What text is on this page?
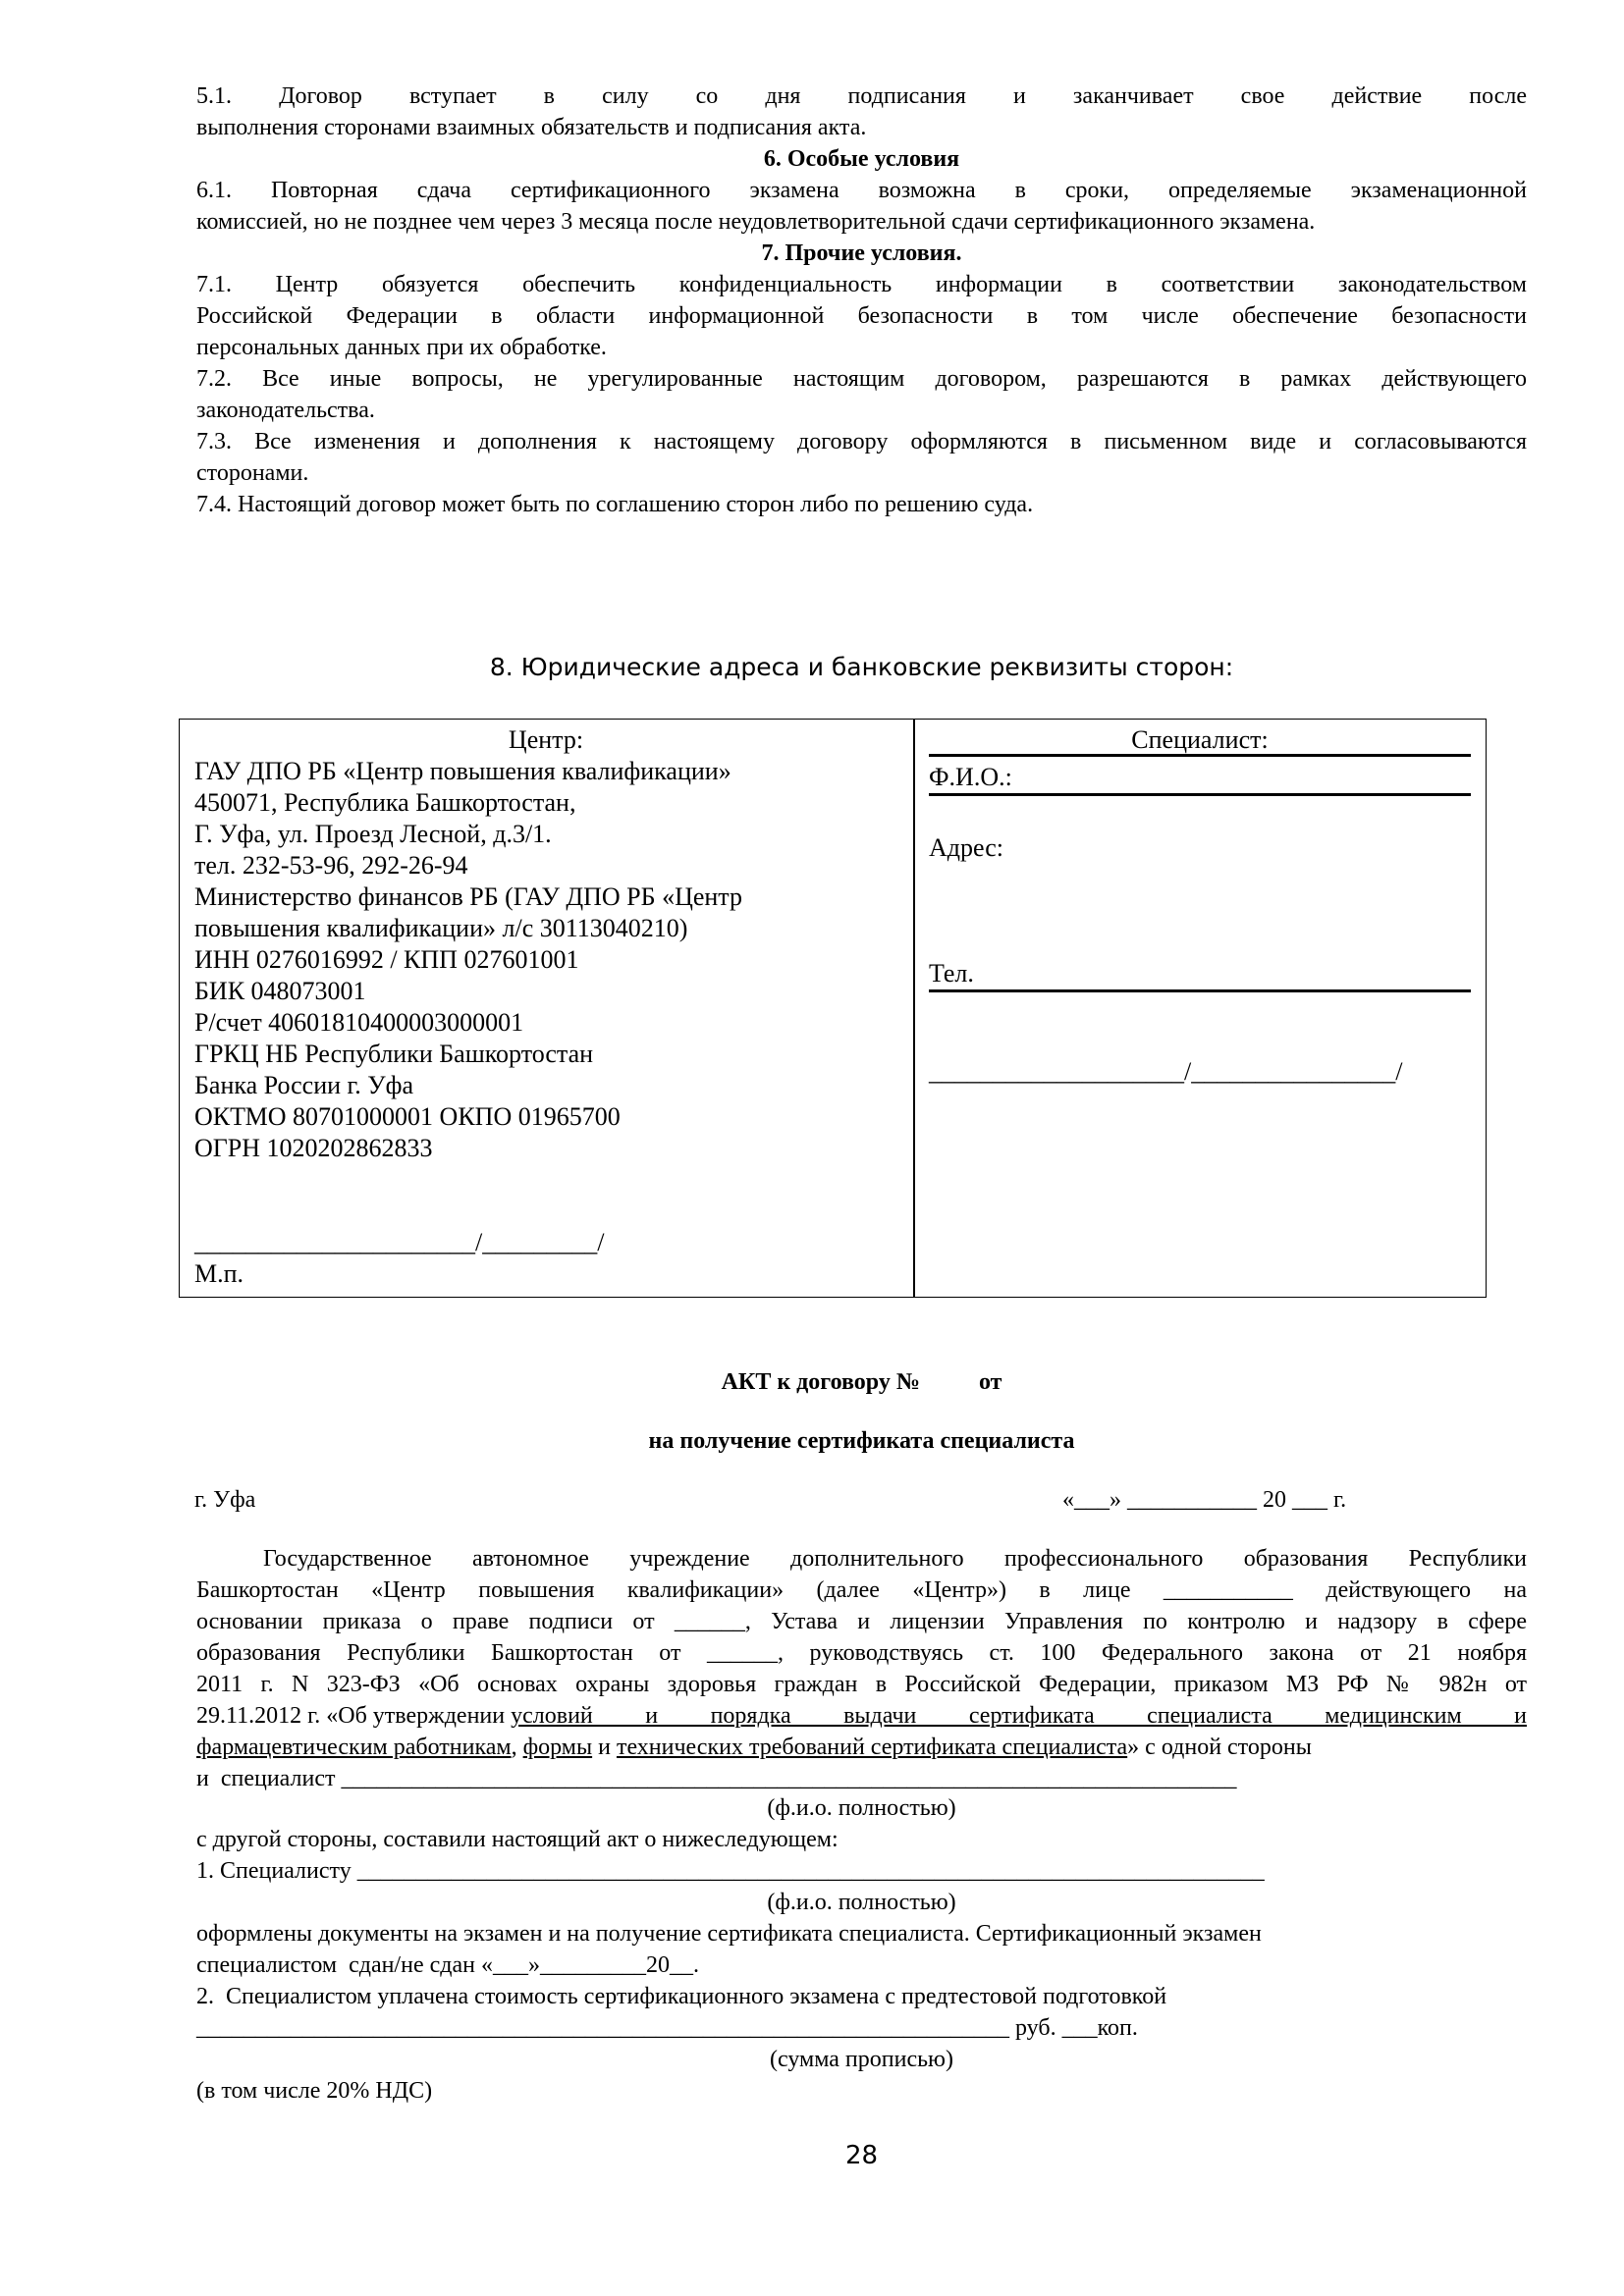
5.1. Договор вступает в силу со дня подписания и заканчивает свое действие после
выполнения сторонами взаимных обязательств и подписания акта.
6. Особые условия
6.1. Повторная сдача сертификационного экзамена возможна в сроки, определяемые экзаменационной
комиссией, но не позднее чем через 3 месяца после неудовлетворительной сдачи сертификационного экзамена.
7. Прочие условия.
7.1. Центр обязуется обеспечить конфиденциальность информации в соответствии законодательством
Российской Федерации в области информационной безопасности в том числе обеспечение безопасности
персональных данных при их обработке.
7.2. Все иные вопросы, не урегулированные настоящим договором, разрешаются в рамках действующего
законодательства.
7.3. Все изменения и дополнения к настоящему договору оформляются в письменном виде и согласовываются
сторонами.
7.4. Настоящий договор может быть по соглашению сторон либо по решению суда.
8. Юридические адреса и банковские реквизиты сторон:
Центр:
ГАУ ДПО РБ «Центр повышения квалификации»
450071, Республика Башкортостан,
Г. Уфа, ул. Проезд Лесной, д.3/1.
тел. 232-53-96, 292-26-94
Министерство финансов РБ (ГАУ ДПО РБ «Центр
повышения квалификации» л/с 30113040210)
ИНН 0276016992 / КПП 027601001
БИК 048073001
Р/счет 40601810400003000001
ГРКЦ НБ Республики Башкортостан
Банка России г. Уфа
ОКТМО 80701000001 ОКПО 01965700
ОГРН 1020202862833
______________________/_________/
М.п.
Специалист:
Ф.И.О.:
Адрес:
Тел.
____________________/________________/
АКТ к договору №          от
на получение сертификата специалиста
г. Уфа	«___» ___________ 20 ___ г.
Государственное автономное учреждение дополнительного профессионального образования Республики
Башкортостан «Центр повышения квалификации» (далее «Центр») в лице ___________ действующего на
основании приказа о праве подписи от ______, Устава и лицензии Управления по контролю и надзору в сфере
образования Республики Башкортостан от ______, руководствуясь ст. 100 Федерального закона от 21 ноября
2011 г. N 323-ФЗ «Об основах охраны здоровья граждан в Российской Федерации, приказом МЗ РФ № 982н от
29.11.2012 г. «Об утверждении условий и порядка выдачи сертификата специалиста медицинским и
фармацевтическим работникам, формы и технических требований сертификата специалиста» с одной стороны
и  специалист ____________________________________________________________________________
(ф.и.о. полностью)
с другой стороны, составили настоящий акт о нижеследующем:
1. Специалисту _____________________________________________________________________________
(ф.и.о. полностью)
оформлены документы на экзамен и на получение сертификата специалиста. Сертификационный экзамен
специалистом  сдан/не сдан «___»_________20__.
2.  Специалистом уплачена стоимость сертификационного экзамена с предтестовой подготовкой
_____________________________________________________________________ руб. ___коп.
(сумма прописью)
(в том числе 20% НДС)
28
